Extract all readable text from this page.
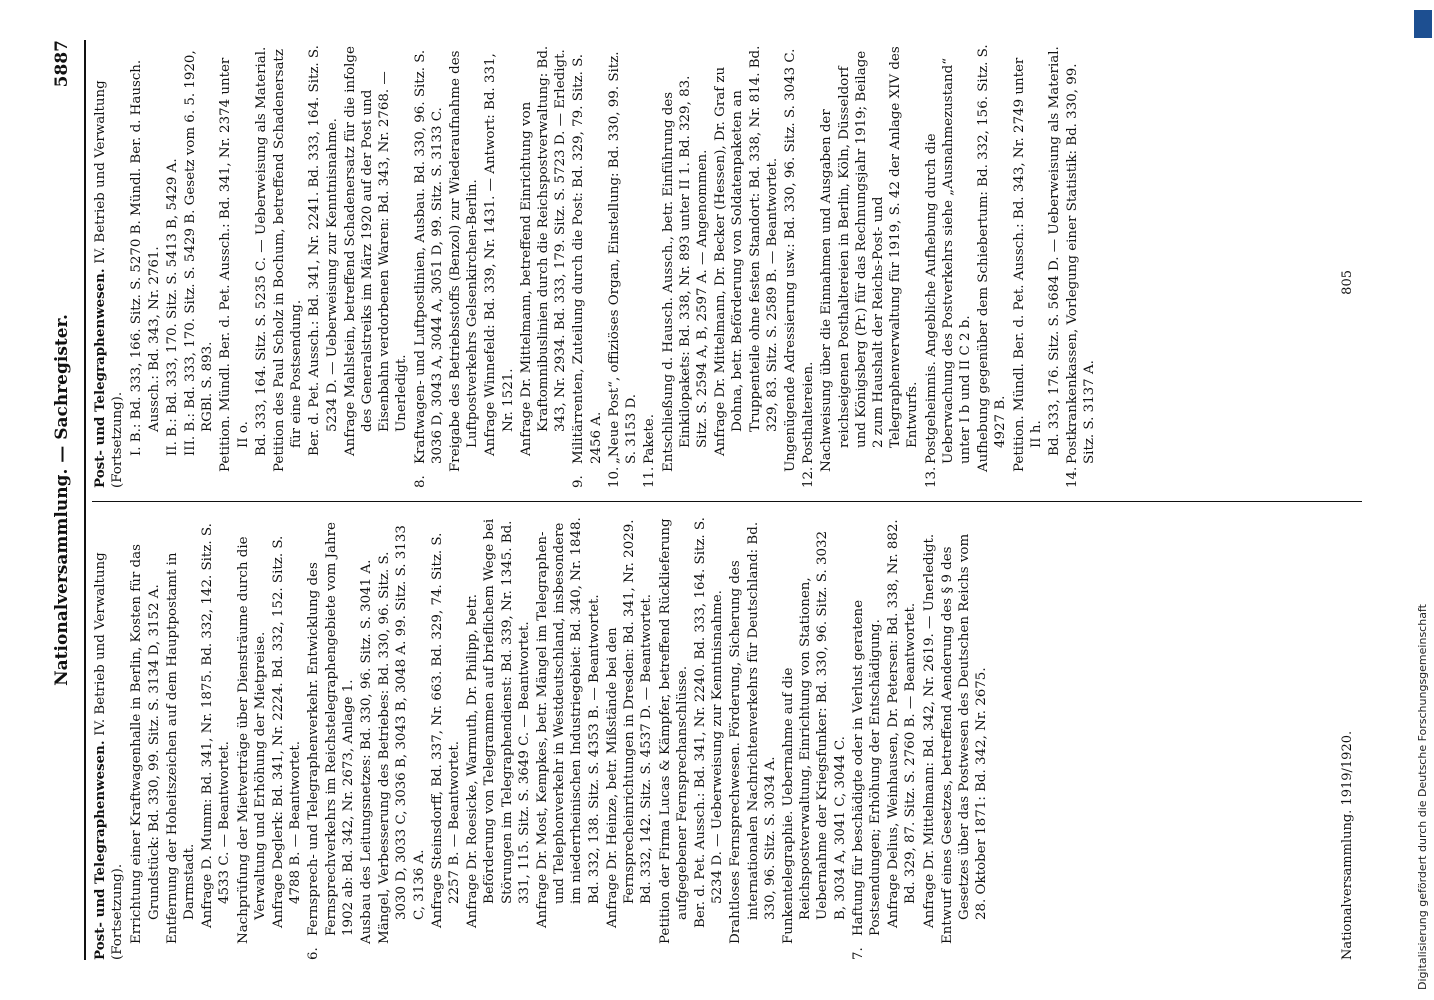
Nationalversammlung. — Sachregister.
5887
Post- und Telegraphenwesen. IV. Betrieb und Verwaltung (Fortsetzung). Errichtung einer Kraftwagenhalle in Berlin, Kosten für das Grundstück: Bd. 330, 99. Sitz. S. 3134 D, 3152 A. Entfernung der Hoheitszeichen auf dem Hauptpostamt in Darmstadt. Anfrage D. Mumm: Bd. 341, Nr. 1875. Bd. 332, 142. Sitz. S. 4533 C. — Beantwortet. Nachprüfung der Mietverträge über Diensträume durch die Verwaltung und Erhöhung der Mietpreise. Anfrage Deglerk: Bd. 341, Nr. 2224. Bd. 332, 152. Sitz. S. 4788 B. — Beantwortet.

6.Fernsprech- und Telegraphenverkehr. Entwicklung des Fernsprechverkehrs im Reichstelegraphengebiete vom Jahre 1902 ab: Bd. 342, Nr. 2673, Anlage 1. Ausbau des Leitungsnetzes: Bd. 330, 96. Sitz. S. 3041 A. Mängel, Verbesserung des Betriebes: Bd. 330, 96. Sitz. S. 3030 D, 3033 C, 3036 B, 3043 B, 3048 A. 99. Sitz. S. 3133 C, 3136 A. Anfrage Steinsdorff, Bd. 337, Nr. 663. Bd. 329, 74. Sitz. S. 2257 B. — Beantwortet. Anfrage Dr. Roesicke, Warmuth, Dr. Philipp, betr. Beförderung von Telegrammen auf brieflichem Wege bei Störungen im Telegraphendienst: Bd. 339, Nr. 1345. Bd. 331, 115. Sitz. S. 3649 C. — Beantwortet. Anfrage Dr. Most, Kempkes, betr. Mängel im Telegraphen- und Telephonverkehr in Westdeutschland, insbesondere im niederrheinischen Industriegebiet: Bd. 340, Nr. 1848. Bd. 332, 138. Sitz. S. 4353 B. — Beantwortet. Anfrage Dr. Heinze, betr. Mißstände bei den Fernsprecheinrichtungen in Dresden: Bd. 341, Nr. 2029. Bd. 332, 142. Sitz. S. 4537 D. — Beantwortet. Petition der Firma Lucas & Kämpfer, betreffend Rücklieferung aufgegebener Fernsprechanschlüsse. Ber. d. Pet. Aussch.: Bd. 341, Nr. 2240. Bd. 333, 164. Sitz. S. 5234 D. — Ueberweisung zur Kenntnisnahme. Drahtloses Fernsprechwesen. Förderung, Sicherung des internationalen Nachrichtenverkehrs für Deutschland: Bd. 330, 96. Sitz. S. 3034 A. Funkentelegraphie. Uebernahme auf die Reichspostverwaltung, Einrichtung von Stationen, Uebernahme der Kriegsfunker: Bd. 330, 96. Sitz. S. 3032 B, 3034 A, 3041 C, 3044 C.

7.Haftung für beschädigte oder in Verlust geratene Postsendungen; Erhöhung der Entschädigung. Anfrage Delius, Weinhausen, Dr. Petersen: Bd. 338, Nr. 882. Bd. 329, 87. Sitz. S. 2760 B. — Beantwortet. Anfrage Dr. Mittelmann: Bd. 342, Nr. 2619. — Unerledigt. Entwurf eines Gesetzes, betreffend Aenderung des § 9 des Gesetzes über das Postwesen des Deutschen Reichs vom 28. Oktober 1871: Bd. 342, Nr. 2675.

Post- und Telegraphenwesen. IV. Betrieb und Verwaltung (Fortsetzung). I. B.: Bd. 333, 166. Sitz. S. 5270 B. Mündl. Ber. d. Hausch. Aussch.: Bd. 343, Nr. 2761. II. B.: Bd. 333, 170. Sitz. S. 5413 B, 5429 A. III. B.: Bd. 333, 170. Sitz. S. 5429 B. Gesetz vom 6. 5. 1920, RGBl. S. 893. Petition. Mündl. Ber. d. Pet. Aussch.: Bd. 341, Nr. 2374 unter II o. Bd. 333, 164. Sitz. S. 5235 C. — Ueberweisung als Material. Petition des Paul Scholz in Bochum, betreffend Schadenersatz für eine Postsendung. Ber. d. Pet. Aussch.: Bd. 341, Nr. 2241. Bd. 333, 164. Sitz. S. 5234 D. — Ueberweisung zur Kenntnisnahme. Anfrage Mahlstein, betreffend Schadenersatz für die infolge des Generalstreiks im März 1920 auf der Post und Eisenbahn verdorbenen Waren: Bd. 343, Nr. 2768. — Unerledigt.

8.Kraftwagen- und Luftpostlinien, Ausbau. Bd. 330, 96. Sitz. S. 3036 D, 3043 A, 3044 A, 3051 D, 99. Sitz. S. 3133 C. Freigabe des Betriebsstoffs (Benzol) zur Wiederaufnahme des Luftpostverkehrs Gelsenkirchen-Berlin. Anfrage Winnefeld: Bd. 339, Nr. 1431. — Antwort: Bd. 331, Nr. 1521. Anfrage Dr. Mittelmann, betreffend Einrichtung von Kraftomnibuslinien durch die Reichspostverwaltung: Bd. 343, Nr. 2934. Bd. 333, 179. Sitz. S. 5723 D. — Erledigt.

9.Militärrenten, Zuteilung durch die Post: Bd. 329, 79. Sitz. S. 2456 A.

10.„Neue Post“, offiziöses Organ, Einstellung: Bd. 330, 99. Sitz. S. 3153 D.

11.Pakete. Entschließung d. Hausch. Aussch., betr. Einführung des Einkilopakets: Bd. 338, Nr. 893 unter II 1. Bd. 329, 83. Sitz. S. 2594 A, B, 2597 A. — Angenommen. Anfrage Dr. Mittelmann, Dr. Becker (Hessen), Dr. Graf zu Dohna, betr. Beförderung von Soldatenpaketen an Truppenteile ohne festen Standort: Bd. 338, Nr. 814. Bd. 329, 83. Sitz. S. 2589 B. — Beantwortet. Ungenügende Adressierung usw.: Bd. 330, 96. Sitz. S. 3043 C.

12.Posthaltereien. Nachweisung über die Einnahmen und Ausgaben der reichseigenen Posthaltereien in Berlin, Köln, Düsseldorf und Königsberg (Pr.) für das Rechnungsjahr 1919; Beilage 2 zum Haushalt der Reichs-Post- und Telegraphenverwaltung für 1919, S. 42 der Anlage XIV des Entwurfs.

13.Postgeheimnis. Angebliche Aufhebung durch die Ueberwachung des Postverkehrs siehe „Ausnahmezustand“ unter I b und II C 2 b. Aufhebung gegenüber dem Schiebertum: Bd. 332, 156. Sitz. S. 4927 B. Petition. Mündl. Ber. d. Pet. Aussch.: Bd. 343, Nr. 2749 unter II h. Bd. 333, 176. Sitz. S. 5684 D. — Ueberweisung als Material.

14.Postkrankenkassen, Vorlegung einer Statistik: Bd. 330, 99. Sitz. S. 3137 A.

Nationalversammlung. 1919/1920.
805
Digitalisierung gefördert durch die Deutsche Forschungsgemeinschaft
